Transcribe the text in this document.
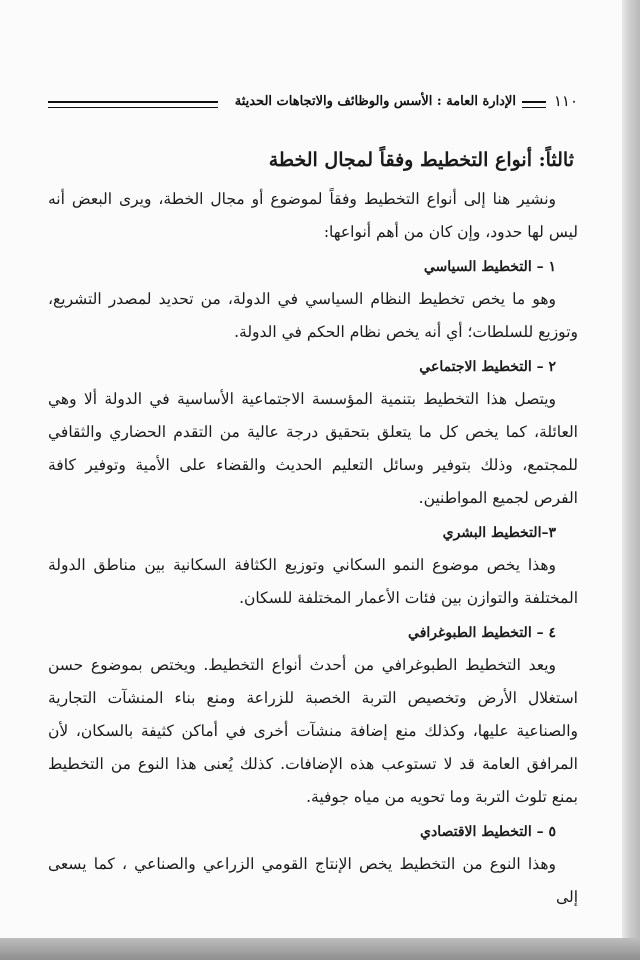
١١٠
الإدارة العامة : الأسس والوظائف والاتجاهات الحديثة
ثالثاً: أنواع التخطيط وفقاً لمجال الخطة

ونشير هنا إلى أنواع التخطيط وفقاً لموضوع أو مجال الخطة، ويرى البعض أنه ليس لها حدود، وإن كان من أهم أنواعها:

١ – التخطيط السياسي

وهو ما يخص تخطيط النظام السياسي في الدولة، من تحديد لمصدر التشريع، وتوزيع للسلطات؛ أي أنه يخص نظام الحكم في الدولة.

٢ – التخطيط الاجتماعي

ويتصل هذا التخطيط بتنمية المؤسسة الاجتماعية الأساسية في الدولة ألا وهي العائلة، كما يخص كل ما يتعلق بتحقيق درجة عالية من التقدم الحضاري والثقافي للمجتمع، وذلك بتوفير وسائل التعليم الحديث والقضاء على الأمية وتوفير كافة الفرص لجميع المواطنين.

٣–التخطيط البشري

وهذا يخص موضوع النمو السكاني وتوزيع الكثافة السكانية بين مناطق الدولة المختلفة والتوازن بين فئات الأعمار المختلفة للسكان.

٤ – التخطيط الطبوغرافي

ويعد التخطيط الطبوغرافي من أحدث أنواع التخطيط. ويختص بموضوع حسن استغلال الأرض وتخصيص التربة الخصبة للزراعة ومنع بناء المنشآت التجارية والصناعية عليها، وكذلك منع إضافة منشآت أخرى في أماكن كثيفة بالسكان، لأن المرافق العامة قد لا تستوعب هذه الإضافات. كذلك يُعنى هذا النوع من التخطيط بمنع تلوث التربة وما تحويه من مياه جوفية.

٥ – التخطيط الاقتصادي

وهذا النوع من التخطيط يخص الإنتاج القومي الزراعي والصناعي ، كما يسعى إلى
